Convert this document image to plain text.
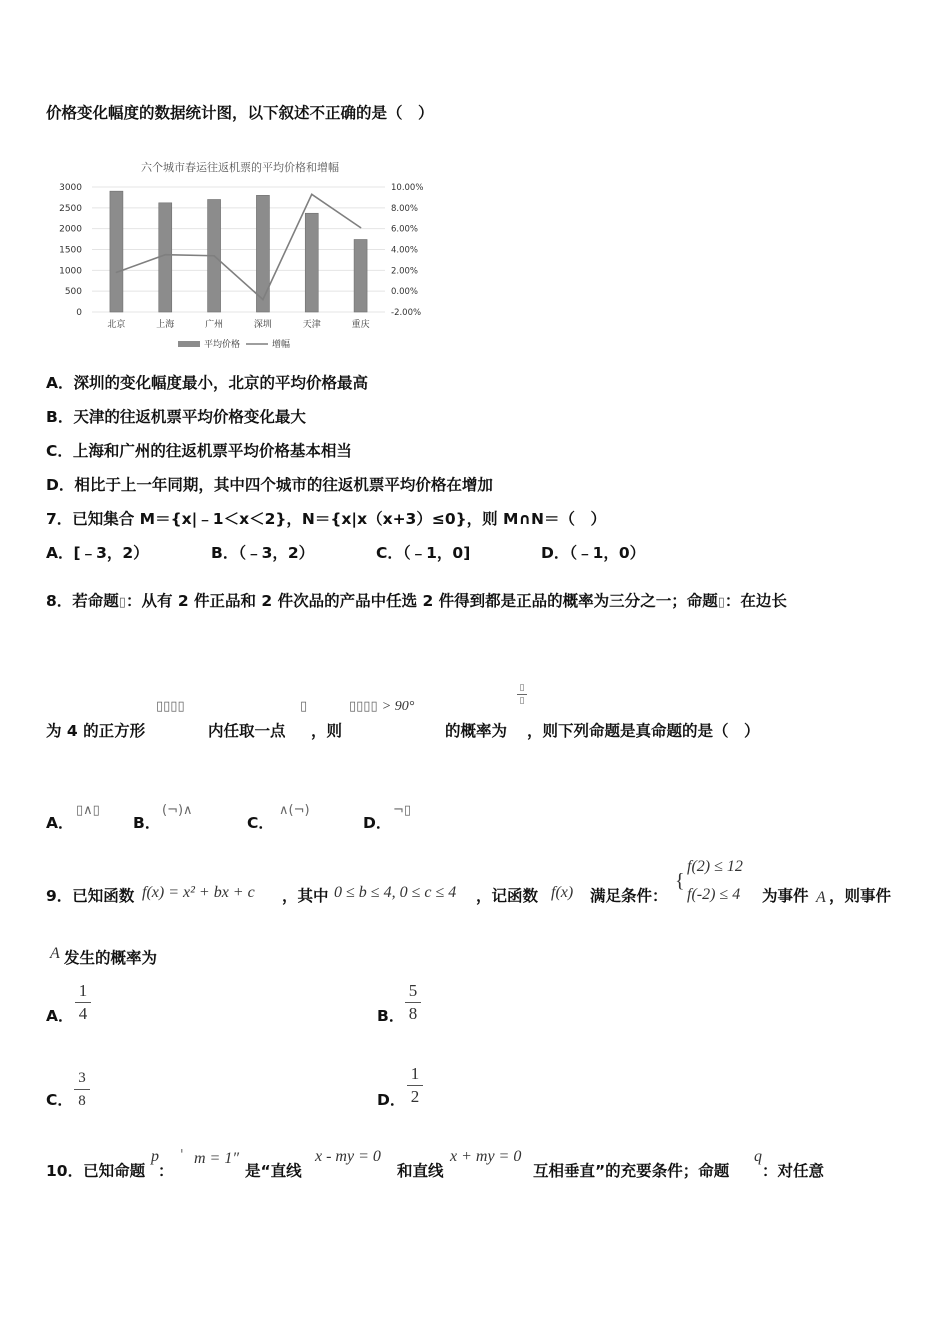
价格变化幅度的数据统计图，以下叙述不正确的是（　）
六个城市春运往返机票的平均价格和增幅
0
500
1000
1500
2000
2500
3000
-2.00%
0.00%
2.00%
4.00%
6.00%
8.00%
10.00%
北京	上海	广州	深圳	天津	重庆
平均价格	增幅
A．深圳的变化幅度最小，北京的平均价格最高
B．天津的往返机票平均价格变化最大
C．上海和广州的往返机票平均价格基本相当
D．相比于上一年同期，其中四个城市的往返机票平均价格在增加
7．已知集合 M＝{x|﹣1＜x＜2}，N＝{x|x（x+3）≤0}，则 M∩N＝（　）
A．[﹣3，2）	B．（﹣3，2）	C．（﹣1，0]	D．（﹣1，0）
8．若命题▯：从有 2 件正品和 2 件次品的产品中任选 2 件得到都是正品的概率为三分之一；命题▯：在边长
▯▯▯▯	▯	▯▯▯▯ > 90°
▯
▯
为 4 的正方形	内任取一点 ，则	的概率为 ，则下列命题是真命题的是（　）
A．
▯∧▯
B．
(¬)∧
C．
∧(¬)
D．
¬▯
9．已知函数 f(x) = x² + bx + c ，其中 0 ≤ b ≤ 4, 0 ≤ c ≤ 4 ，记函数 f(x) 满足条件：
{
f(2) ≤ 12
f(-2) ≤ 4 为事件 A ，则事件
A 发生的概率为
A．
1
4	B．
5
8
C．
3
8	D．
1
2
10．已知命题
p
：
' m = 1″
是“直线
x - my = 0
和直线
x + my = 0
互相垂直”的充要条件；命题
q
：对任意
